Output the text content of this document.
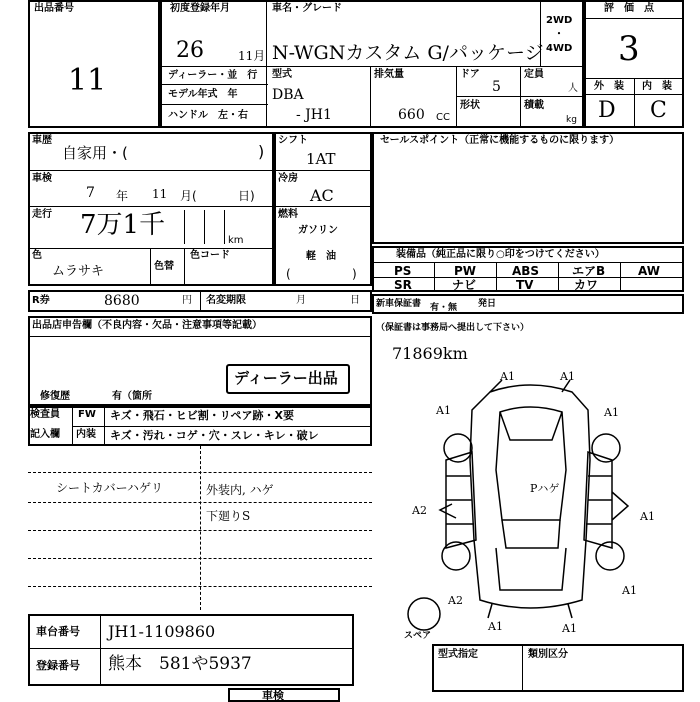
出品番号
11
初度登録年月
26	11月
車名・グレード
N-WGNカスタム G/パッケージ
2WD
・
4WD
ディーラー・並　行
モデル年式　年
ハンドル　左・右
型式
DBA
- JH1
排気量
660 CC
ドア
5
定員
人
形状	積載
kg
評　価　点
3
外　装 内　装
D C
車歴
自家用・(	)
車検
7 年 11 月(	日)
走行 7万1千
km
色
ムラサキ	色替
色コード
シフト
1AT
冷房
AC
燃料
ガソリン
軽　油
(	)
セールスポイント（正常に機能するものに限ります）
装備品（純正品に限り○印をつけてください）
PS	PW	ABS	エアB	AW
SR	ナビ	TV	カワ
R券	8680	円 名変期限	月	日 新車保証書 有・無 発日
（保証書は事務局へ提出して下さい）
出品店申告欄（不良内容・欠品・注意事項等記載）
修復歴	有（箇所
ディーラー出品
検査員
記入欄
FW キズ・飛石・ヒビ割・リペア跡・X要
内装 キズ・汚れ・コゲ・穴・スレ・キレ・破レ
シートカバーハゲリ	外装内, ハゲ
下廻りS
71869km
A1	A1
A1	A1
A2	A1
A2
A1	A1
A1
Pハゲ
スペア
車台番号 JH1-1109860
登録番号 熊本　581や5937	型式指定	類別区分
車検
